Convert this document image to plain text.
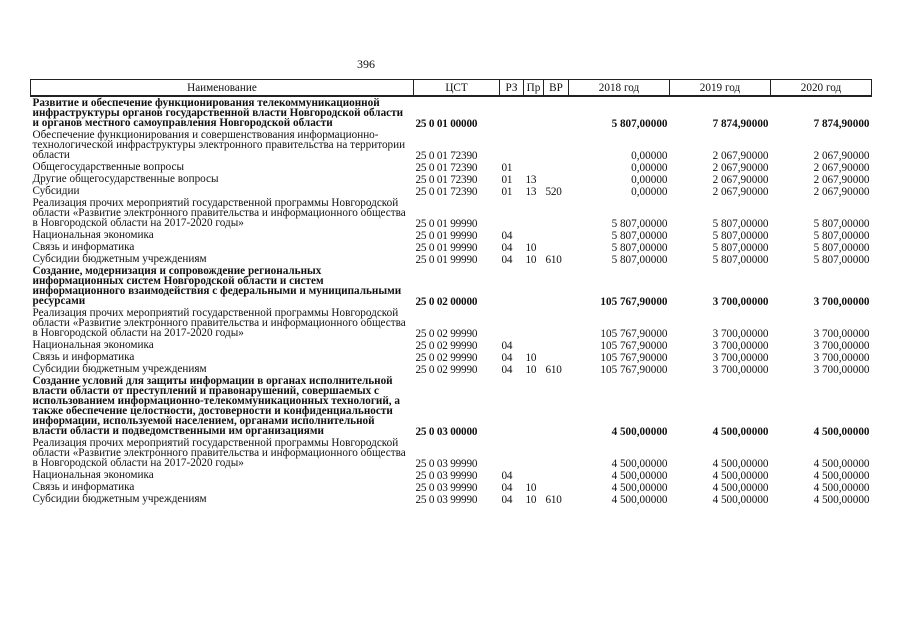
396
Наименование	ЦСТ	РЗ	Пр	ВР	2018 год	2019 год	2020 год
Развитие и обеспечение функционирования телекоммуникационной инфраструктуры органов государственной власти Новгородской области и органов местного самоуправления Новгородской области	25 0 01 00000				5 807,00000	7 874,90000	7 874,90000
Обеспечение функционирования и совершенствования информационно- технологической инфраструктуры электронного правительства на территории области	25 0 01 72390				0,00000	2 067,90000	2 067,90000
Общегосударственные вопросы	25 0 01 72390	01			0,00000	2 067,90000	2 067,90000
Другие общегосударственные вопросы	25 0 01 72390	01	13		0,00000	2 067,90000	2 067,90000
Субсидии	25 0 01 72390	01	13	520	0,00000	2 067,90000	2 067,90000
Реализация прочих мероприятий государственной программы Новгородской области «Развитие электронного правительства и информационного общества в Новгородской области на 2017-2020 годы»	25 0 01 99990				5 807,00000	5 807,00000	5 807,00000
Национальная экономика	25 0 01 99990	04			5 807,00000	5 807,00000	5 807,00000
Связь и информатика	25 0 01 99990	04	10		5 807,00000	5 807,00000	5 807,00000
Субсидии бюджетным учреждениям	25 0 01 99990	04	10	610	5 807,00000	5 807,00000	5 807,00000
Создание, модернизация и сопровождение региональных информационных систем Новгородской области и систем информационного взаимодействия с федеральными и муниципальными ресурсами	25 0 02 00000				105 767,90000	3 700,00000	3 700,00000
Реализация прочих мероприятий государственной программы Новгородской области «Развитие электронного правительства и информационного общества в Новгородской области на 2017-2020 годы»	25 0 02 99990				105 767,90000	3 700,00000	3 700,00000
Национальная экономика	25 0 02 99990	04			105 767,90000	3 700,00000	3 700,00000
Связь и информатика	25 0 02 99990	04	10		105 767,90000	3 700,00000	3 700,00000
Субсидии бюджетным учреждениям	25 0 02 99990	04	10	610	105 767,90000	3 700,00000	3 700,00000
Создание условий для защиты информации в органах исполнительной власти области от преступлений и правонарушений, совершаемых с использованием информационно-телекоммуникационных технологий, а также обеспечение целостности, достоверности и конфиденциальности информации, используемой населением, органами исполнительной власти области и подведомственными им организациями	25 0 03 00000				4 500,00000	4 500,00000	4 500,00000
Реализация прочих мероприятий государственной программы Новгородской области «Развитие электронного правительства и информационного общества в Новгородской области на 2017-2020 годы»	25 0 03 99990				4 500,00000	4 500,00000	4 500,00000
Национальная экономика	25 0 03 99990	04			4 500,00000	4 500,00000	4 500,00000
Связь и информатика	25 0 03 99990	04	10		4 500,00000	4 500,00000	4 500,00000
Субсидии бюджетным учреждениям	25 0 03 99990	04	10	610	4 500,00000	4 500,00000	4 500,00000
